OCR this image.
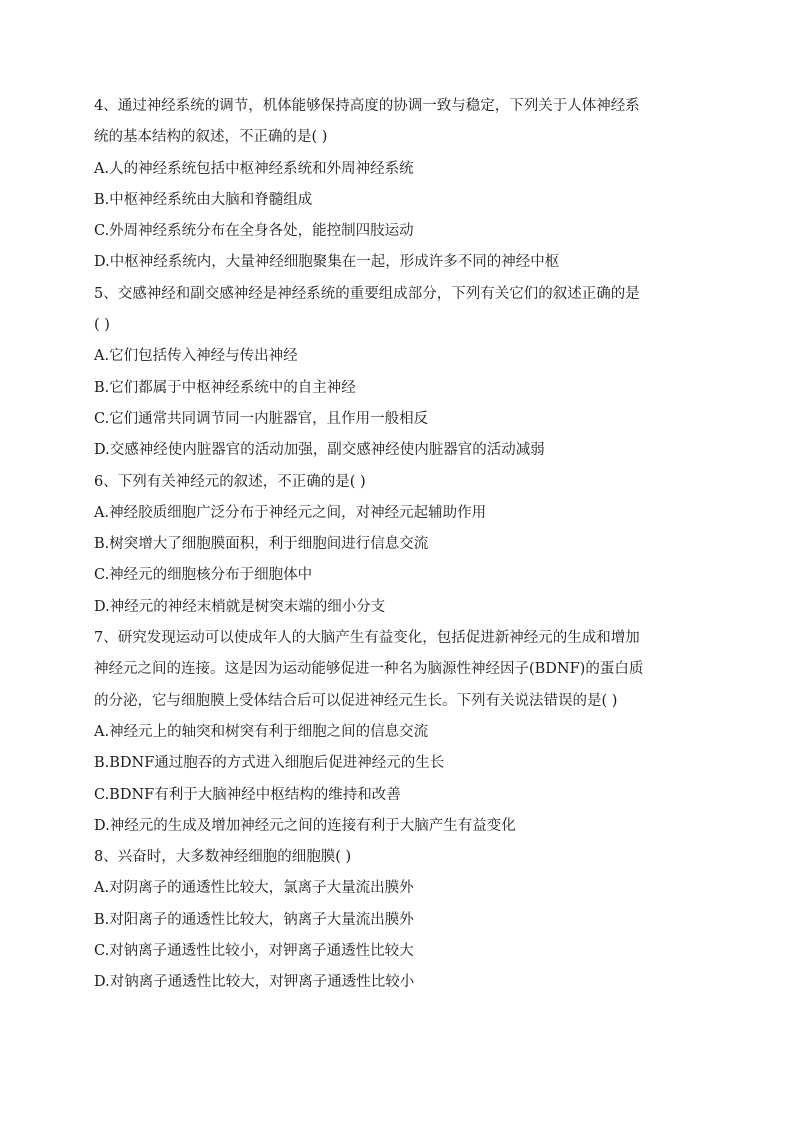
4、通过神经系统的调节，机体能够保持高度的协调一致与稳定，下列关于人体神经系
统的基本结构的叙述，不正确的是( )
A.人的神经系统包括中枢神经系统和外周神经系统
B.中枢神经系统由大脑和脊髓组成
C.外周神经系统分布在全身各处，能控制四肢运动
D.中枢神经系统内，大量神经细胞聚集在一起，形成许多不同的神经中枢
5、交感神经和副交感神经是神经系统的重要组成部分，下列有关它们的叙述正确的是
( )
A.它们包括传入神经与传出神经
B.它们都属于中枢神经系统中的自主神经
C.它们通常共同调节同一内脏器官，且作用一般相反
D.交感神经使内脏器官的活动加强，副交感神经使内脏器官的活动减弱
6、下列有关神经元的叙述，不正确的是( )
A.神经胶质细胞广泛分布于神经元之间，对神经元起辅助作用
B.树突增大了细胞膜面积，利于细胞间进行信息交流
C.神经元的细胞核分布于细胞体中
D.神经元的神经末梢就是树突末端的细小分支
7、研究发现运动可以使成年人的大脑产生有益变化，包括促进新神经元的生成和增加
神经元之间的连接。这是因为运动能够促进一种名为脑源性神经因子(BDNF)的蛋白质
的分泌，它与细胞膜上受体结合后可以促进神经元生长。下列有关说法错误的是( )
A.神经元上的轴突和树突有利于细胞之间的信息交流
B.BDNF通过胞吞的方式进入细胞后促进神经元的生长
C.BDNF有利于大脑神经中枢结构的维持和改善
D.神经元的生成及增加神经元之间的连接有利于大脑产生有益变化
8、兴奋时，大多数神经细胞的细胞膜( )
A.对阴离子的通透性比较大，氯离子大量流出膜外
B.对阳离子的通透性比较大，钠离子大量流出膜外
C.对钠离子通透性比较小，对钾离子通透性比较大
D.对钠离子通透性比较大，对钾离子通透性比较小
